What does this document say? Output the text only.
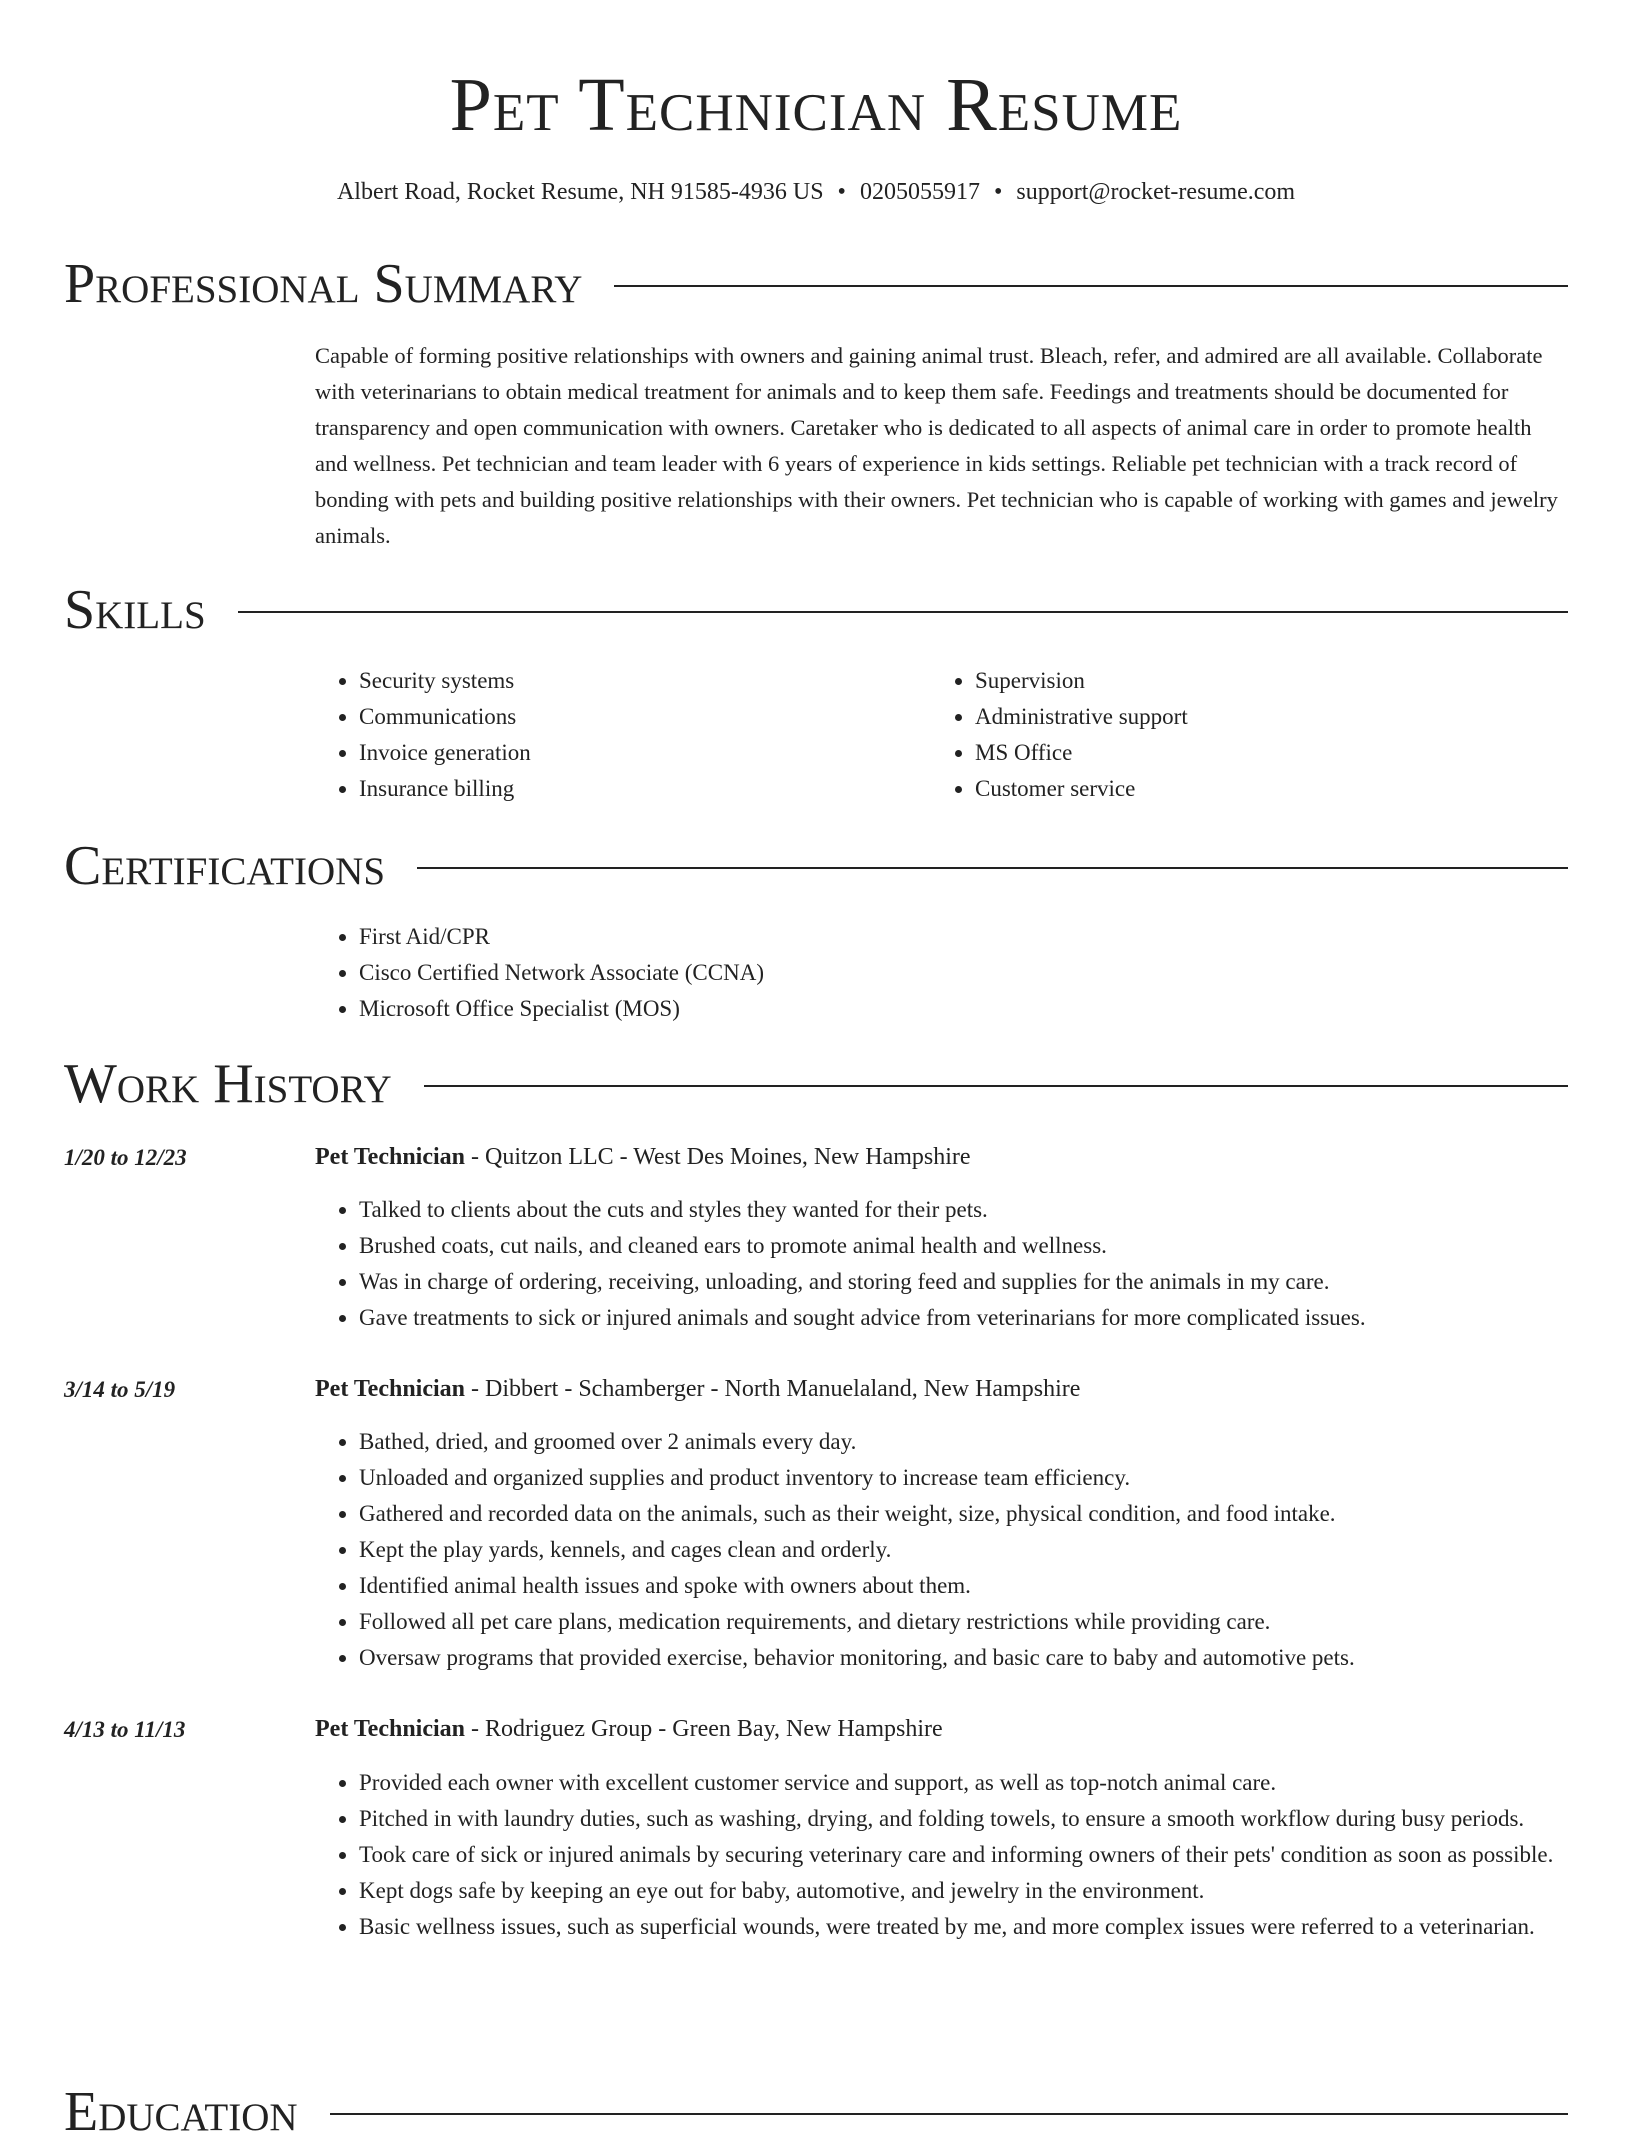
Pet Technician Resume
Albert Road, Rocket Resume, NH 91585-4936 US • 0205055917 • support@rocket-resume.com
Professional Summary

Capable of forming positive relationships with owners and gaining animal trust. Bleach, refer, and admired are all available. Collaborate with veterinarians to obtain medical treatment for animals and to keep them safe. Feedings and treatments should be documented for transparency and open communication with owners. Caretaker who is dedicated to all aspects of animal care in order to promote health and wellness. Pet technician and team leader with 6 years of experience in kids settings. Reliable pet technician with a track record of bonding with pets and building positive relationships with their owners. Pet technician who is capable of working with games and jewelry animals.

Skills
• Security systems
• Communications
• Invoice generation
• Insurance billing
• Supervision
• Administrative support
• MS Office
• Customer service
Certifications
• First Aid/CPR
• Cisco Certified Network Associate (CCNA)
• Microsoft Office Specialist (MOS)
Work History
1/20 to 12/23	Pet Technician - Quitzon LLC - West Des Moines, New Hampshire
• Talked to clients about the cuts and styles they wanted for their pets.
• Brushed coats, cut nails, and cleaned ears to promote animal health and wellness.
• Was in charge of ordering, receiving, unloading, and storing feed and supplies for the animals in my care.
• Gave treatments to sick or injured animals and sought advice from veterinarians for more complicated issues.
3/14 to 5/19	Pet Technician - Dibbert - Schamberger - North Manuelaland, New Hampshire
• Bathed, dried, and groomed over 2 animals every day.
• Unloaded and organized supplies and product inventory to increase team efficiency.
• Gathered and recorded data on the animals, such as their weight, size, physical condition, and food intake.
• Kept the play yards, kennels, and cages clean and orderly.
• Identified animal health issues and spoke with owners about them.
• Followed all pet care plans, medication requirements, and dietary restrictions while providing care.
• Oversaw programs that provided exercise, behavior monitoring, and basic care to baby and automotive pets.
4/13 to 11/13	Pet Technician - Rodriguez Group - Green Bay, New Hampshire
• Provided each owner with excellent customer service and support, as well as top-notch animal care.
• Pitched in with laundry duties, such as washing, drying, and folding towels, to ensure a smooth workflow during busy periods.
• Took care of sick or injured animals by securing veterinary care and informing owners of their pets' condition as soon as possible.
• Kept dogs safe by keeping an eye out for baby, automotive, and jewelry in the environment.
• Basic wellness issues, such as superficial wounds, were treated by me, and more complex issues were referred to a veterinarian.
Education
